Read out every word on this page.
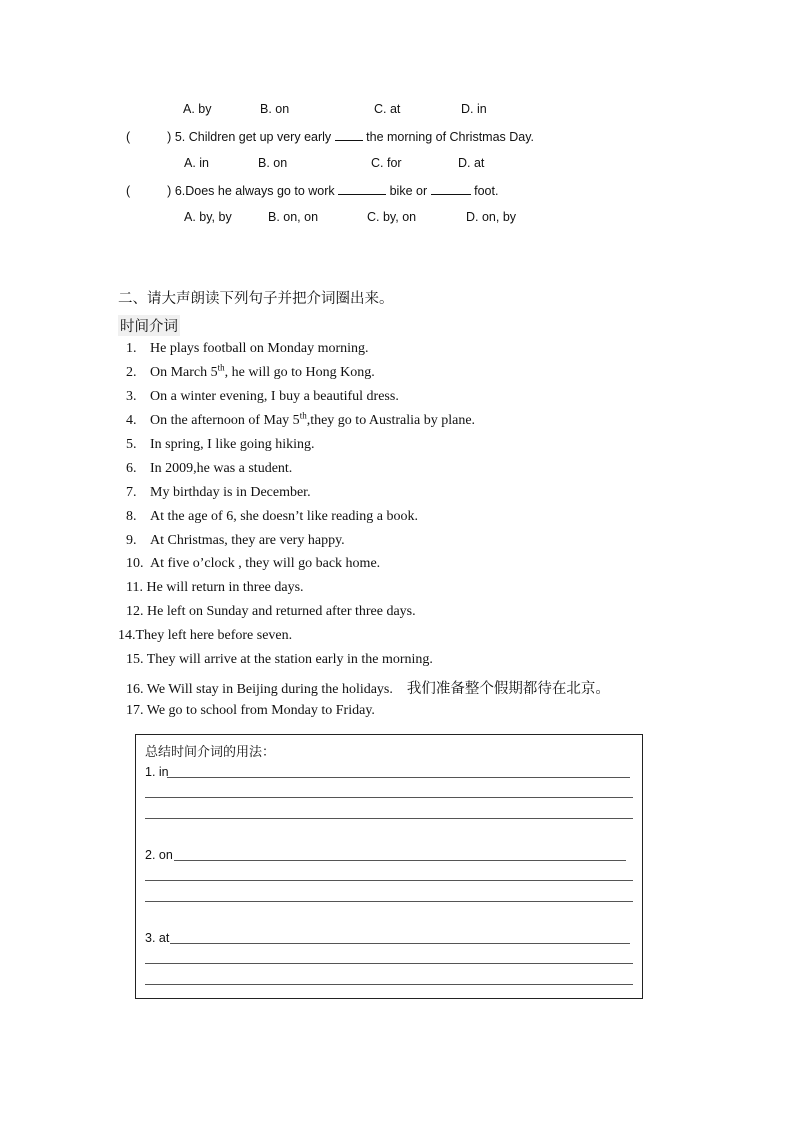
A. by	B. on	C. at	D. in
(	) 5. Children get up very early	the morning of Christmas Day.
A. in	B. on	C. for	D. at
(	) 6.Does he always go to work	bike or	foot.
A. by, by	B. on, on	C. by, on	D. on, by
二、请大声朗读下列句子并把介词圈出来。
时间介词
1. He plays football on Monday morning.
2. On March 5th, he will go to Hong Kong.
3. On a winter evening, I buy a beautiful dress.
4. On the afternoon of May 5th,they go to Australia by plane.
5. In spring, I like going hiking.
6. In 2009,he was a student.
7. My birthday is in December.
8. At the age of 6, she doesn’t like reading a book.
9. At Christmas, they are very happy.
10. At five o’clock , they will go back home.
11. He will return in three days.
12. He left on Sunday and returned after three days.
14.They left here before seven.
15. They will arrive at the station early in the morning.
16. We Will stay in Beijing during the holidays. 我们准备整个假期都待在北京。
17. We go to school from Monday to Friday.
总结时间介词的用法：
1. in
2. on
3. at
